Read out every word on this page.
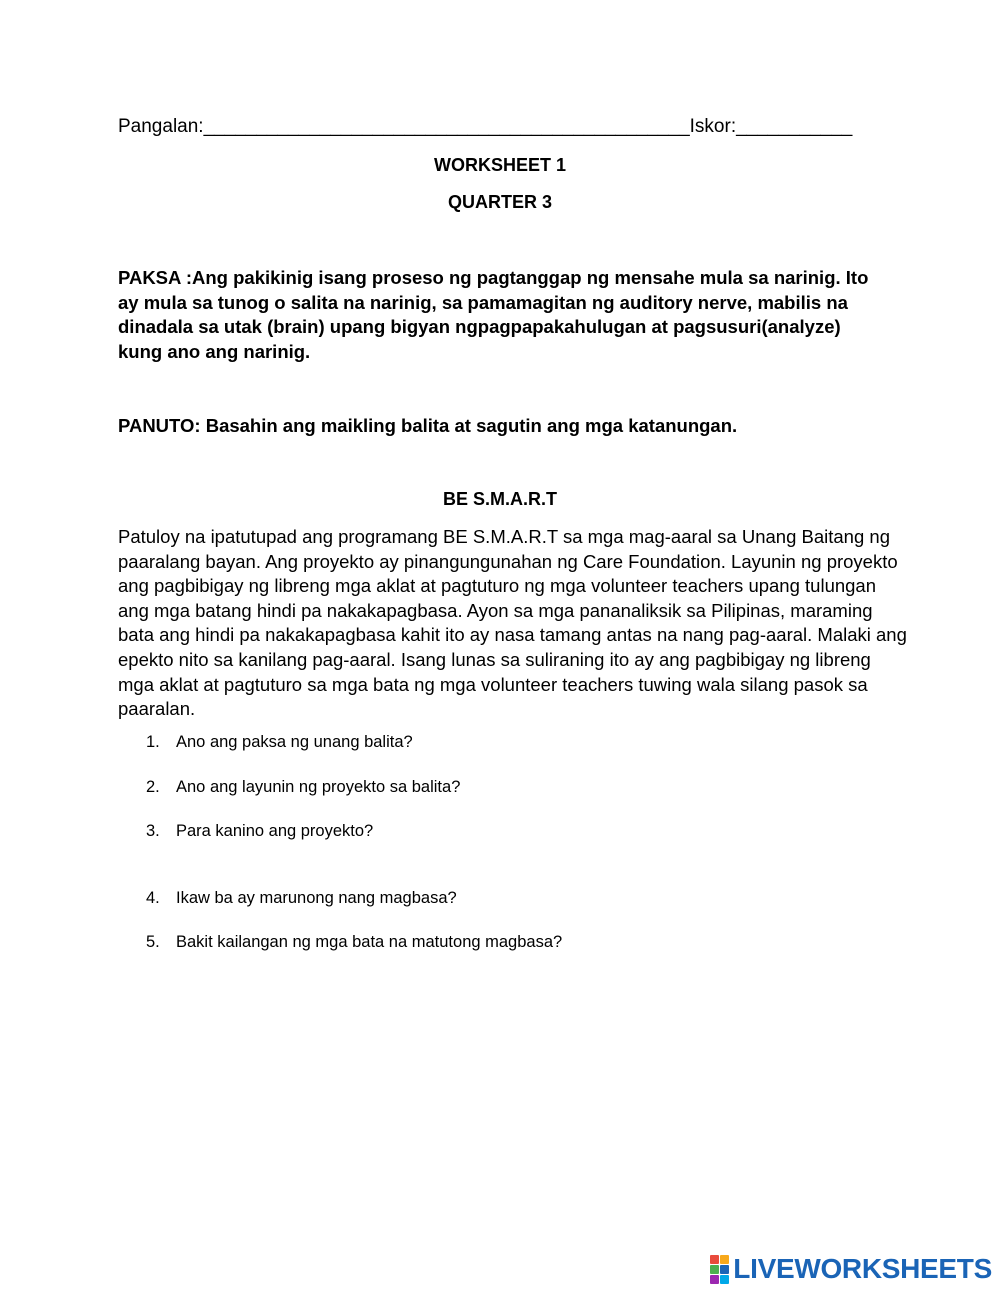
Pangalan:______________________________________________Iskor:___________
WORKSHEET 1
QUARTER 3
PAKSA :Ang pakikinig isang proseso ng pagtanggap ng mensahe mula sa narinig. Ito ay mula sa tunog o salita na narinig, sa pamamagitan ng auditory nerve, mabilis na dinadala sa utak (brain) upang bigyan ngpagpapakahulugan at pagsusuri(analyze) kung ano ang narinig.
PANUTO: Basahin ang maikling balita at sagutin ang mga katanungan.
BE S.M.A.R.T
Patuloy na ipatutupad ang programang BE S.M.A.R.T sa mga mag-aaral sa Unang Baitang ng paaralang bayan. Ang proyekto ay pinangungunahan ng Care Foundation. Layunin ng proyekto ang pagbibigay ng libreng mga aklat at pagtuturo ng mga volunteer teachers upang tulungan ang mga batang hindi pa nakakapagbasa. Ayon sa mga pananaliksik sa Pilipinas, maraming bata ang hindi pa nakakapagbasa kahit ito ay nasa tamang antas na nang pag-aaral. Malaki ang epekto nito sa kanilang pag-aaral. Isang lunas sa suliraning ito ay ang pagbibigay ng libreng mga aklat at pagtuturo sa mga bata ng mga volunteer teachers tuwing wala silang pasok sa paaralan.
1. Ano ang paksa ng unang balita?
2. Ano ang layunin ng proyekto sa balita?
3. Para kanino ang proyekto?
4. Ikaw ba ay marunong nang magbasa?
5. Bakit kailangan ng mga bata na matutong magbasa?
LIVEWORKSHEETS
